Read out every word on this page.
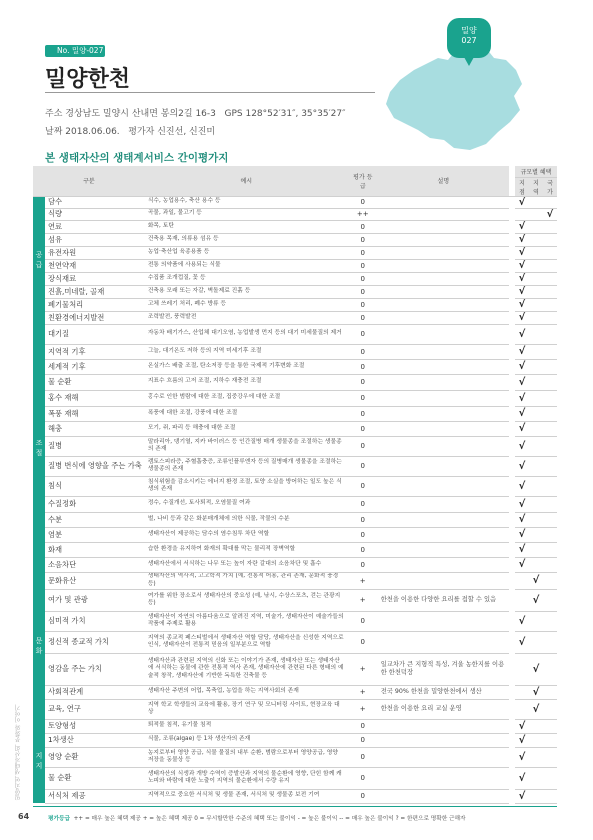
밀양
027
No. 밀양-027
밀양한천
주소 경상남도 밀양시 산내면 봉의2길 16-3 GPS 128°52′31″, 35°35′27″
날짜 2018.06.06. 평가자 신진선, 신진미
본 생태자산의 생태계서비스 간이평가지
구분		예시	평가 등급	설명		규모별 혜택		
						지점	지역	국가
공급	담수	식수, 농업용수, 축산 용수 등	0			√		
	식량	곡물, 과일, 물고기 등	++					√
	연료	화목, 토탄	0			√		
	섬유	건축용 목재, 의류용 섬유 등	0			√		
	유전자원	농업·축산업 육종용품 등	0			√		
	천연약재	전통 의약품에 사용되는 식물	0			√		
	장식재료	수집품 조개껍질, 꽃 등	0			√		
	진흙,미네랄, 골재	건축용 모래 또는 자갈, 벽돌제료 진흙 등	0			√		
	폐기물처리	고체 쓰레기 처리, 폐수 방류 등	0			√		
	친환경에너지발전	조력발전, 풍력발전	0			√		
조절	대기질	자동차 배기가스, 산업체 대기오염, 농업발생 먼지 등의 대기 미세물질의 제거	0			√		
	지역적 기후	그늘, 대기온도 저하 등의 지역 미세기후 조절	0			√		
	세계적 기후	온실가스 배출 조절, 탄소저장 등을 통한 국제적 기후변화 조절	0			√		
	물 순환	지표수 흐름의 고저 조절, 지하수 재충전 조절	0			√		
	홍수 재해	홍수로 인한 범람에 대한 조절, 집중강우에 대한 조절	0			√		
	폭풍 재해	폭풍에 대한 조절, 강풍에 대한 조절	0			√		
	해충	모기, 쥐, 파리 등 해충에 대한 조절	0			√		
	질병	말라리아, 댕기열, 지카 바이러스 등 인간질병 매개 생물종을 조절하는 생물종의 존재	0			√		
	질병 번식에 영향을 주는 가축	캠토스피라증, 주혈흡충증, 조류인플루엔자 등의 질병매개 생물종을 조절하는 생물종의 존재	0			√		
	침식	침식위험을 감소시키는 에너지 환경 조절, 토양 소실을 방어하는 일도 높은 식생의 존재	0			√		
	수질정화	정수, 수질개선, 토사퇴적, 오염물질 여과	0			√		
	수분	벌, 나비 등과 같은 화분매개체에 의한 식물, 작물의 수분	0			√		
	염분	생태자산이 제공하는 담수의 염수침투 차단 역할	0			√		
	화재	습한 환경을 유지하여 화재의 확대를 막는 물리적 장벽역할	0			√		
	소음차단	생태자산에서 서식하는 나무 또는 높이 자란 갈대의 소음차단 및 흡수	0			√		
문화	문화유산	생태자산의 역사적, 고고학적 가치 (예, 전통적 어용, 관리 존재, 문화적 풍경 등)	+				√	
	여가 및 관광	여가를 위한 장소로서 생태자산의 중요성 (예, 낚시, 수상스포츠, 걷는 관광지 등)	+	한천을 이용한 다양한 요리를 접할 수 있음			√	
	심미적 가치	생태자산이 자연의 아름다움으로 알려진 지역, 미술가, 생태자산이 예술가들의 작품에 주제로 활용	0			√		
	정신적 종교적 가치	지역의 종교적 페스티벌에서 생태자산 역할 담당, 생태자산을 신성한 지역으로 인식, 생태자산이 전통적 믿음의 일부분으로 역할	0			√		
	영감을 주는 가치	생태자산과 관련된 지역의 신화 또는 이야기가 존재, 생태자산 또는 생태자산에 서식하는 동물에 관한 전통적 역사 존재, 생태자산에 관련된 다른 형태의 예술적 창작, 생태자산에 기반한 독특한 건축물 등	+	일교차가 큰 지형적 특성, 겨울 농한지를 이용한 한천덕장			√	
	사회적관계	생태자산 주변의 어업, 목축업, 농업을 하는 지역사회의 존재	+	전국 90% 한천을 밀양한천에서 생산			√	
	교육, 연구	지역 학교 학생들의 교육에 활용, 장기 연구 및 모니터링 사이트, 현장교육 대상	+	한천을 이용한 요리 교실 운영			√	
지지	토양형성	퇴적물 침적, 유기물 침적	0			√		
	1차생산	식물, 조류(algae) 등 1차 생산자의 존재	0			√		
	영양 순환	농지로부터 영양 공급, 식물 물질의 내부 순환, 범람으로부터 영양공급, 영양 저장을 동물상 등	0			√		
	물 순환	생태자산의 식생과 개방 수역이 증발산과 지역의 물순환에 영향, 단힌 함께 캐노피와 바람에 대한 노출이 지역의 물순환에서 수량 유지	0			√		
	서식처 제공	지역적으로 중요한 서식처 및 생물 존재, 서식처 및 생물종 보전 기여	0			√		
밀양지역 생태자산의 문화와 이야기
64	평가등급 ++ = 매우 높은 혜택 제공 + = 높은 혜택 제공 0 = 무시할만한 수준의 혜택 또는 불이익 - = 높은 불이익 -- = 매우 높은 불이익 ? = 한편으로 명확한 근해자
